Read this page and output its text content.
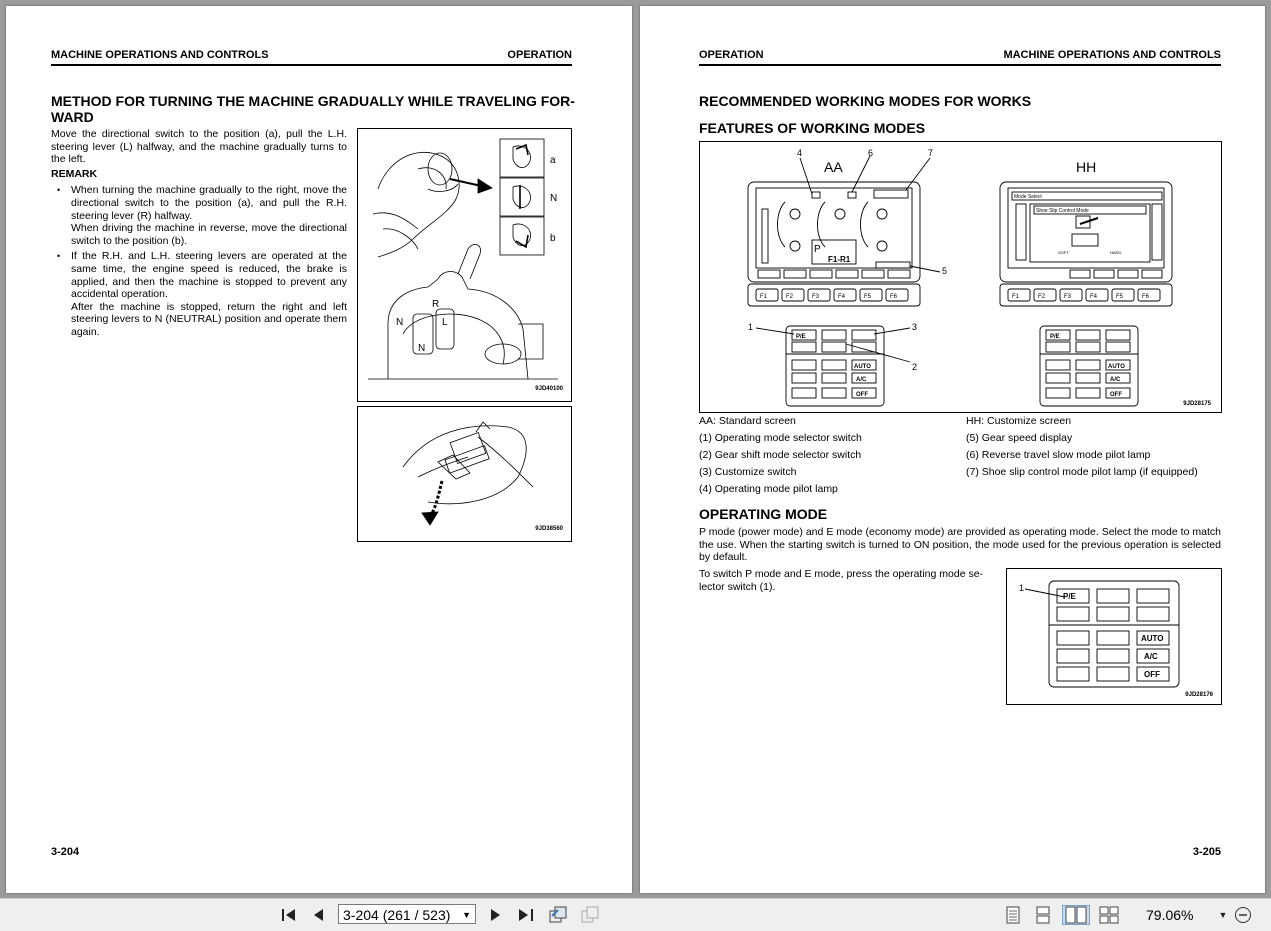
MACHINE OPERATIONS AND CONTROLS	OPERATION
METHOD FOR TURNING THE MACHINE GRADUALLY WHILE TRAVELING FOR-
WARD
Move the directional switch to the position (a), pull the L.H. steering lever (L) halfway, and the machine gradually turns to the left.
REMARK
• When turning the machine gradually to the right, move the directional switch to the position (a), and pull the R.H. steering lever (R) halfway.
When driving the machine in reverse, move the directional switch to the position (b).
• If the R.H. and L.H. steering levers are operated at the same time, the engine speed is reduced, the brake is applied, and then the machine is stopped to prevent any accidental operation.
After the machine is stopped, return the right and left steering levers to N (NEUTRAL) position and operate them again.
a
N
b
R
L
N
N
9JD40100
9JD38560
3-204
OPERATION	MACHINE OPERATIONS AND CONTROLS
RECOMMENDED WORKING MODES FOR WORKS
FEATURES OF WORKING MODES
4
AA
6	7
HH
5
1	3
2
P
F1-R1
Mode Select
Shoe Slip Control Mode
SOFT	HARD
F1	F2	F3	F4	F5	F6	F1	F2	F3	F4	F5	F6
P/E
AUTO
A/C
OFF
P/E
AUTO
A/C
OFF
9JD28175
AA: Standard screen
(1) Operating mode selector switch
(2) Gear shift mode selector switch
(3) Customize switch
(4) Operating mode pilot lamp
HH: Customize screen
(5) Gear speed display
(6) Reverse travel slow mode pilot lamp
(7) Shoe slip control mode pilot lamp (if equipped)
OPERATING MODE
P mode (power mode) and E mode (economy mode) are provided as operating mode. Select the mode to match the use. When the starting switch is turned to ON position, the mode used for the previous operation is selected by default.
To switch P mode and E mode, press the operating mode se-
lector switch (1).	1
P/E
AUTO
A/C
OFF
9JD28176
3-205
3-204 (261 / 523) ▼	79.06%	▼
